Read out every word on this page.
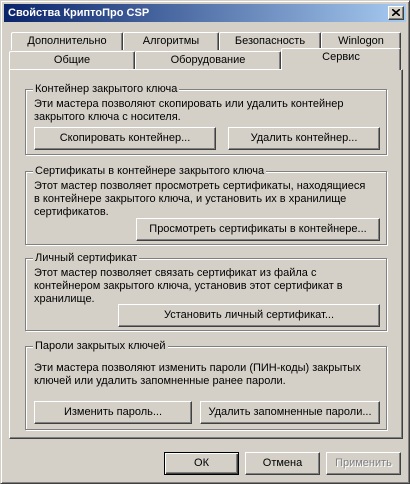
Свойства КриптоПро CSP
Дополнительно	Алгоритмы	Безопасность	Winlogon
Общие	Оборудование	Сервис
Контейнер закрытого ключа
Эти мастера позволяют скопировать или удалить контейнер
закрытого ключа с носителя.
Скопировать контейнер...	Удалить контейнер...
Сертификаты в контейнере закрытого ключа
Этот мастер позволяет просмотреть сертификаты, находящиеся
в контейнере закрытого ключа, и установить их в хранилище
сертификатов.
Просмотреть сертификаты в контейнере...
Личный сертификат
Этот мастер позволяет связать сертификат из файла с
контейнером закрытого ключа, установив этот сертификат в
хранилище.
Установить личный сертификат...
Пароли закрытых ключей
Эти мастера позволяют изменить пароли (ПИН-коды) закрытых
ключей или удалить запомненные ранее пароли.
Изменить пароль...	Удалить запомненные пароли...
ОК	Отмена	Применить
